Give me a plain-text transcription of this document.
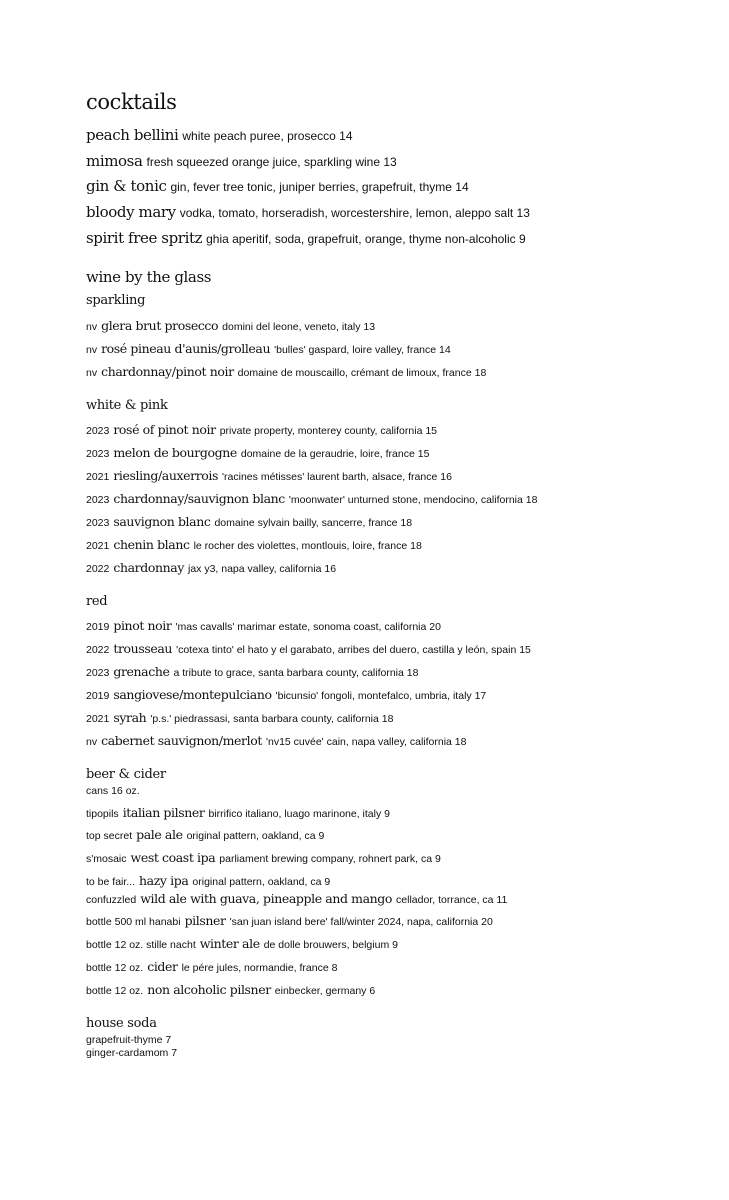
cocktails
peach bellini white peach puree, prosecco 14
mimosa fresh squeezed orange juice, sparkling wine 13
gin & tonic gin, fever tree tonic, juniper berries, grapefruit, thyme 14
bloody mary vodka, tomato, horseradish, worcestershire, lemon, aleppo salt 13
spirit free spritz ghia aperitif, soda, grapefruit, orange, thyme non-alcoholic 9
wine by the glass
sparkling
nv glera brut prosecco domini del leone, veneto, italy 13
nv rosé pineau d'aunis/grolleau 'bulles' gaspard, loire valley, france 14
nv chardonnay/pinot noir domaine de mouscaillo, crémant de limoux, france 18
white & pink
2023 rosé of pinot noir private property, monterey county, california 15
2023 melon de bourgogne domaine de la geraudrie, loire, france 15
2021 riesling/auxerrois 'racines métisses' laurent barth, alsace, france 16
2023 chardonnay/sauvignon blanc 'moonwater' unturned stone, mendocino, california 18
2023 sauvignon blanc domaine sylvain bailly, sancerre, france 18
2021 chenin blanc le rocher des violettes, montlouis, loire, france 18
2022 chardonnay jax y3, napa valley, california 16
red
2019 pinot noir 'mas cavalls' marimar estate, sonoma coast, california 20
2022 trousseau 'cotexa tinto' el hato y el garabato, arribes del duero, castilla y león, spain 15
2023 grenache a tribute to grace, santa barbara county, california 18
2019 sangiovese/montepulciano 'bicunsio' fongoli, montefalco, umbria, italy 17
2021 syrah 'p.s.' piedrassasi, santa barbara county, california 18
nv cabernet sauvignon/merlot 'nv15 cuvée' cain, napa valley, california 18
beer & cider
cans 16 oz.
tipopils italian pilsner birrifico italiano, luago marinone, italy 9
top secret pale ale original pattern, oakland, ca 9
s'mosaic west coast ipa parliament brewing company, rohnert park, ca 9
to be fair... hazy ipa original pattern, oakland, ca 9
confuzzled wild ale with guava, pineapple and mango cellador, torrance, ca 11
bottle 500 ml hanabi pilsner 'san juan island bere' fall/winter 2024, napa, california 20
bottle 12 oz. stille nacht winter ale de dolle brouwers, belgium 9
bottle 12 oz. cider le pére jules, normandie, france 8
bottle 12 oz. non alcoholic pilsner einbecker, germany 6
house soda
grapefruit-thyme 7
ginger-cardamom 7
